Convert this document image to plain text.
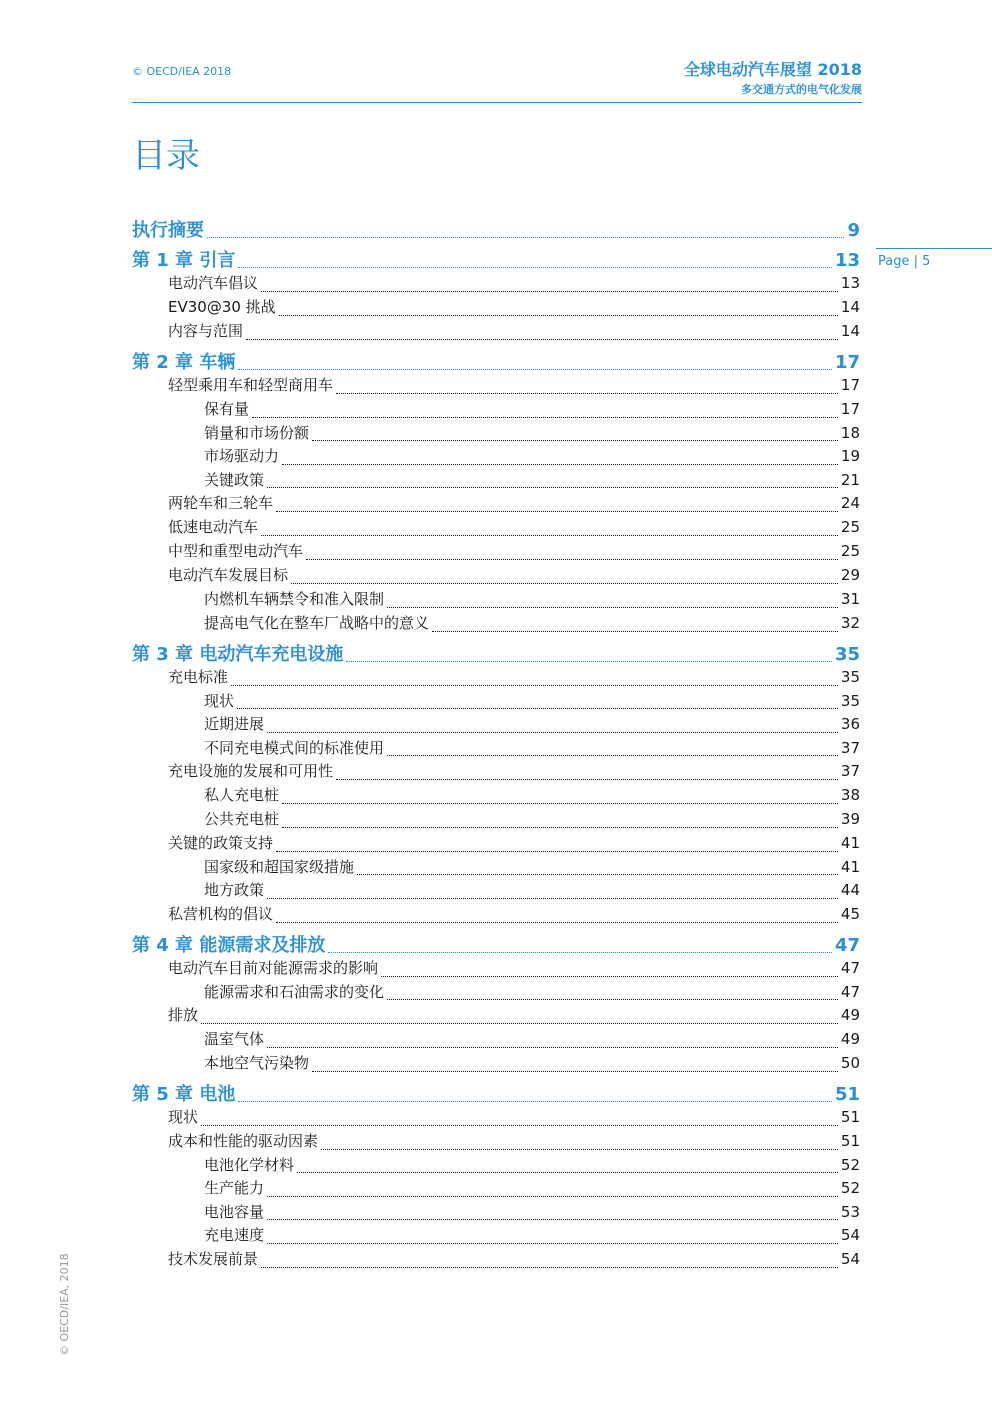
© OECD/IEA 2018	全球电动汽车展望 2018
多交通方式的电气化发展
目录
Page | 5
© OECD/IEA, 2018
执行摘要	9
第 1 章 引言	13
电动汽车倡议	13
EV30@30 挑战	14
内容与范围	14
第 2 章 车辆	17
轻型乘用车和轻型商用车	17
保有量	17
销量和市场份额	18
市场驱动力	19
关键政策	21
两轮车和三轮车	24
低速电动汽车	25
中型和重型电动汽车	25
电动汽车发展目标	29
内燃机车辆禁令和准入限制	31
提高电气化在整车厂战略中的意义	32
第 3 章 电动汽车充电设施	35
充电标准	35
现状	35
近期进展	36
不同充电模式间的标准使用	37
充电设施的发展和可用性	37
私人充电桩	38
公共充电桩	39
关键的政策支持	41
国家级和超国家级措施	41
地方政策	44
私营机构的倡议	45
第 4 章 能源需求及排放	47
电动汽车目前对能源需求的影响	47
能源需求和石油需求的变化	47
排放	49
温室气体	49
本地空气污染物	50
第 5 章 电池	51
现状	51
成本和性能的驱动因素	51
电池化学材料	52
生产能力	52
电池容量	53
充电速度	54
技术发展前景	54
